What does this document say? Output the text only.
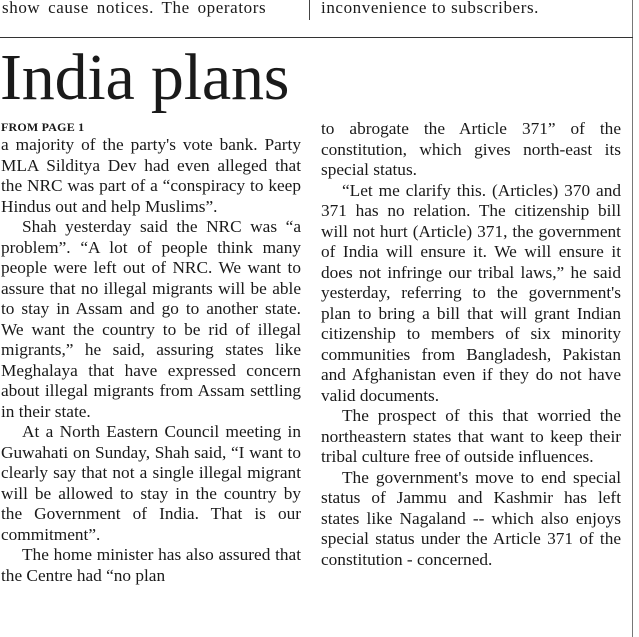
show cause notices. The operators	inconvenience to subscribers.
India plans
FROM PAGE 1

a majority of the party's vote bank. Party MLA Silditya Dev had even alleged that the NRC was part of a “conspiracy to keep Hindus out and help Muslims”.

Shah yesterday said the NRC was “a problem”. “A lot of people think many people were left out of NRC. We want to assure that no illegal migrants will be able to stay in Assam and go to another state. We want the country to be rid of illegal migrants,” he said, assuring states like Meghalaya that have expressed concern about illegal migrants from Assam settling in their state.

At a North Eastern Council meeting in Guwahati on Sunday, Shah said, “I want to clearly say that not a single illegal migrant will be allowed to stay in the country by the Government of India. That is our commitment”.

The home minister has also assured that the Centre had “no plan

to abrogate the Article 371” of the constitution, which gives north-east its special status.

“Let me clarify this. (Articles) 370 and 371 has no relation. The citizenship bill will not hurt (Article) 371, the government of India will ensure it. We will ensure it does not infringe our tribal laws,” he said yesterday, referring to the government's plan to bring a bill that will grant Indian citizenship to members of six minority communities from Bangladesh, Pakistan and Afghanistan even if they do not have valid documents.

The prospect of this that worried the northeastern states that want to keep their tribal culture free of outside influences.

The government's move to end special status of Jammu and Kashmir has left states like Nagaland -- which also enjoys special status under the Article 371 of the constitution - concerned.
